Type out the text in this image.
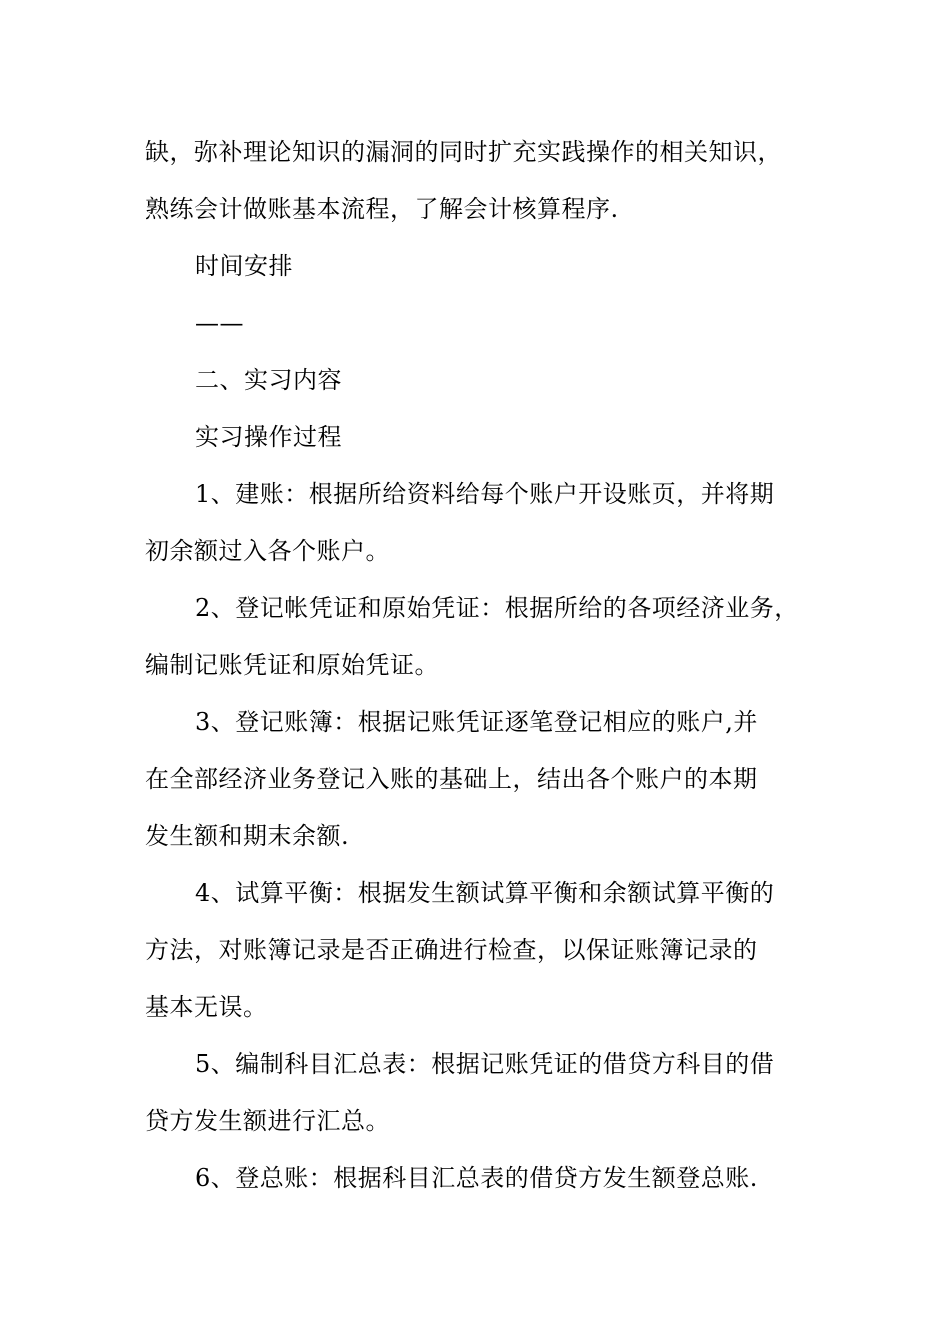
缺，弥补理论知识的漏洞的同时扩充实践操作的相关知识，
熟练会计做账基本流程，了解会计核算程序.
时间安排
——
二、实习内容
实习操作过程
1、建账：根据所给资料给每个账户开设账页，并将期
初余额过入各个账户。
2、登记帐凭证和原始凭证：根据所给的各项经济业务，
编制记账凭证和原始凭证。
3、登记账簿：根据记账凭证逐笔登记相应的账户,并
在全部经济业务登记入账的基础上，结出各个账户的本期
发生额和期末余额.
4、试算平衡：根据发生额试算平衡和余额试算平衡的
方法，对账簿记录是否正确进行检查，以保证账簿记录的
基本无误。
5、编制科目汇总表：根据记账凭证的借贷方科目的借
贷方发生额进行汇总。
6、登总账：根据科目汇总表的借贷方发生额登总账.
